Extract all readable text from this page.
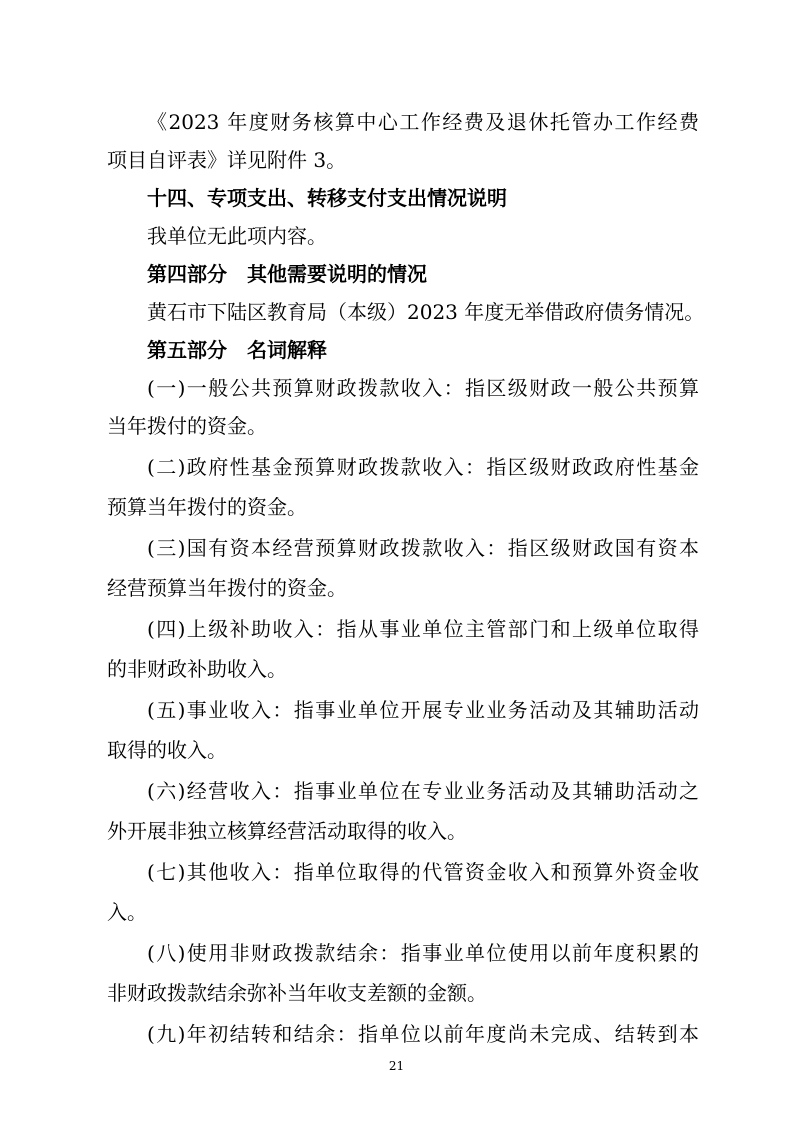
《2023 年度财务核算中心工作经费及退休托管办工作经费
项目自评表》详见附件 3。
十四、专项支出、转移支付支出情况说明
我单位无此项内容。
第四部分　其他需要说明的情况
黄石市下陆区教育局（本级）2023 年度无举借政府债务情况。
第五部分　名词解释
(一)一般公共预算财政拨款收入：指区级财政一般公共预算
当年拨付的资金。
(二)政府性基金预算财政拨款收入：指区级财政政府性基金
预算当年拨付的资金。
(三)国有资本经营预算财政拨款收入：指区级财政国有资本
经营预算当年拨付的资金。
(四)上级补助收入：指从事业单位主管部门和上级单位取得
的非财政补助收入。
(五)事业收入：指事业单位开展专业业务活动及其辅助活动
取得的收入。
(六)经营收入：指事业单位在专业业务活动及其辅助活动之
外开展非独立核算经营活动取得的收入。
(七)其他收入：指单位取得的代管资金收入和预算外资金收
入。
(八)使用非财政拨款结余：指事业单位使用以前年度积累的
非财政拨款结余弥补当年收支差额的金额。
(九)年初结转和结余：指单位以前年度尚未完成、结转到本
21
